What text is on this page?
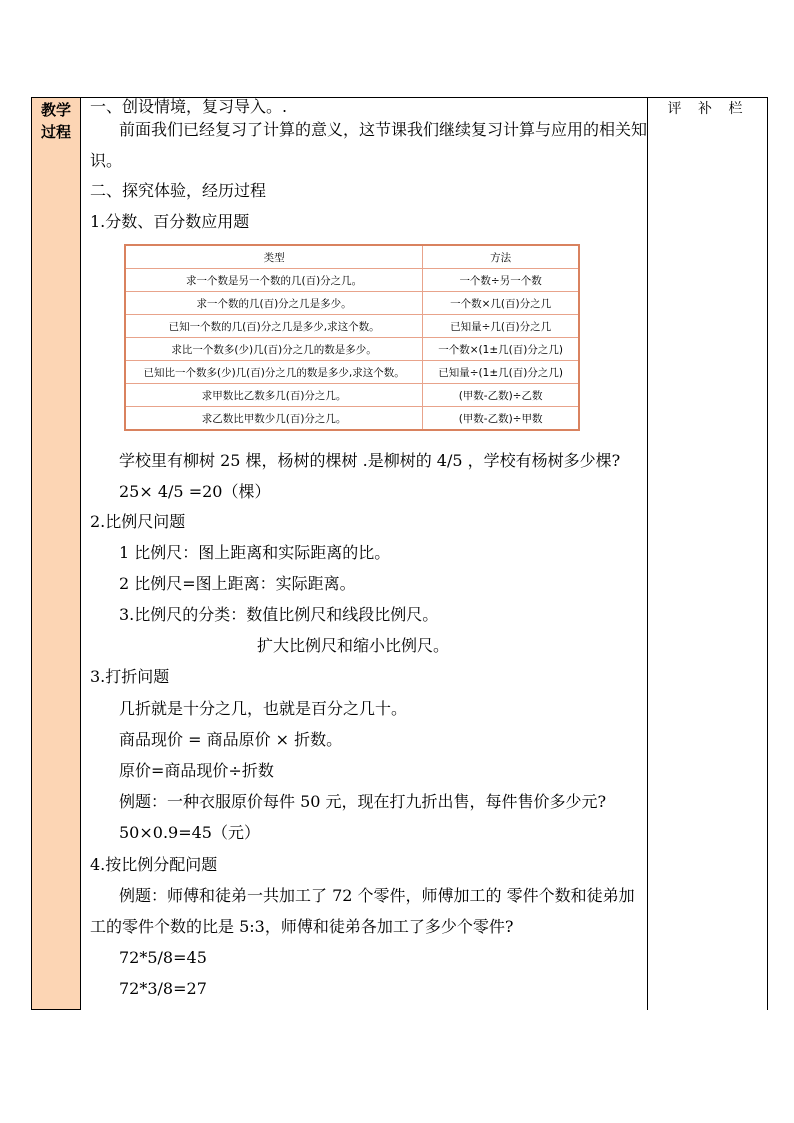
教学
过程
评 补 栏
一、创设情境，复习导入。.
前面我们已经复习了计算的意义，这节课我们继续复习计算与应用的相关知
识。
二、探究体验，经历过程
1.分数、百分数应用题
类型	方法
求一个数是另一个数的几(百)分之几。	一个数÷另一个数
求一个数的几(百)分之几是多少。	一个数×几(百)分之几
已知一个数的几(百)分之几是多少,求这个数。	已知量÷几(百)分之几
求比一个数多(少)几(百)分之几的数是多少。	一个数×(1±几(百)分之几)
已知比一个数多(少)几(百)分之几的数是多少,求这个数。	已知量÷(1±几(百)分之几)
求甲数比乙数多几(百)分之几。	(甲数-乙数)÷乙数
求乙数比甲数少几(百)分之几。	(甲数-乙数)÷甲数
学校里有柳树 25 棵，杨树的棵树 .是柳树的 4/5 ，学校有杨树多少棵?
25× 4/5 =20（棵）
2.比例尺问题
1 比例尺：图上距离和实际距离的比。
2 比例尺=图上距离：实际距离。
3.比例尺的分类：数值比例尺和线段比例尺。
扩大比例尺和缩小比例尺。
3.打折问题
几折就是十分之几，也就是百分之几十。
商品现价 = 商品原价 × 折数。
原价=商品现价÷折数
例题：一种衣服原价每件 50 元，现在打九折出售，每件售价多少元?
50×0.9=45（元）
4.按比例分配问题
例题：师傅和徒弟一共加工了 72 个零件，师傅加工的 零件个数和徒弟加
工的零件个数的比是 5:3，师傅和徒弟各加工了多少个零件?
72*5/8=45
72*3/8=27
